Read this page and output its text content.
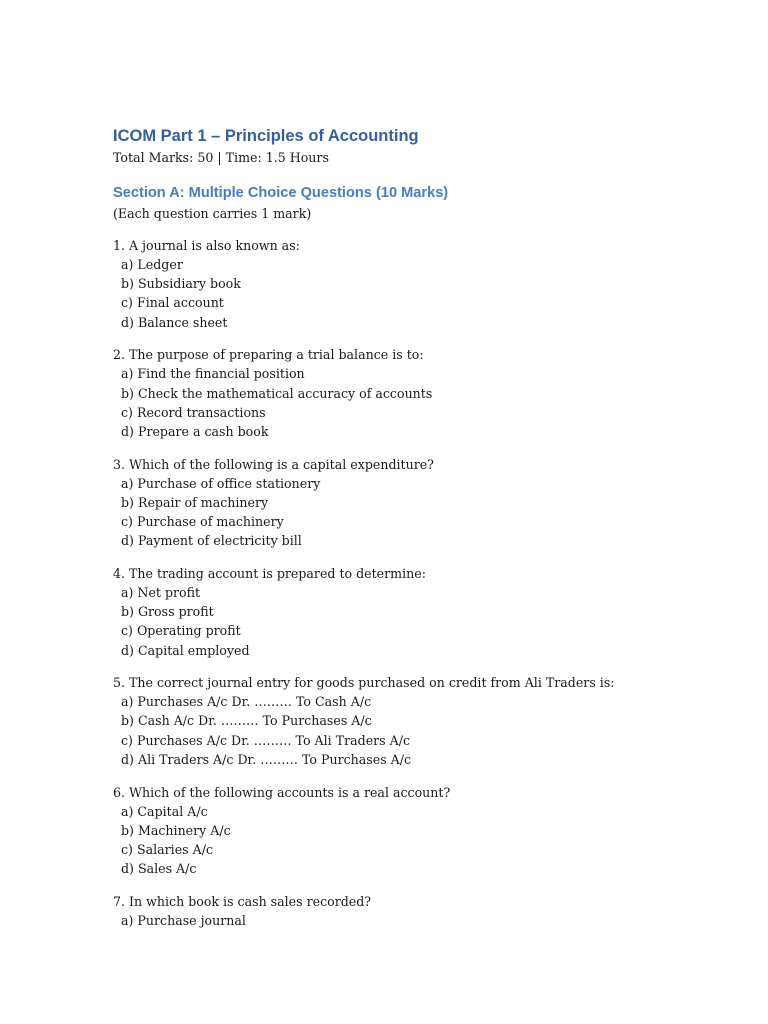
ICOM Part 1 – Principles of Accounting

Total Marks: 50 | Time: 1.5 Hours

Section A: Multiple Choice Questions (10 Marks)

(Each question carries 1 mark)

1. A journal is also known as:

a) Ledger

b) Subsidiary book

c) Final account

d) Balance sheet

2. The purpose of preparing a trial balance is to:

a) Find the financial position

b) Check the mathematical accuracy of accounts

c) Record transactions

d) Prepare a cash book

3. Which of the following is a capital expenditure?

a) Purchase of office stationery

b) Repair of machinery

c) Purchase of machinery

d) Payment of electricity bill

4. The trading account is prepared to determine:

a) Net profit

b) Gross profit

c) Operating profit

d) Capital employed

5. The correct journal entry for goods purchased on credit from Ali Traders is:

a) Purchases A/c Dr. ……… To Cash A/c

b) Cash A/c Dr. ……… To Purchases A/c

c) Purchases A/c Dr. ……… To Ali Traders A/c

d) Ali Traders A/c Dr. ……… To Purchases A/c

6. Which of the following accounts is a real account?

a) Capital A/c

b) Machinery A/c

c) Salaries A/c

d) Sales A/c

7. In which book is cash sales recorded?

a) Purchase journal
